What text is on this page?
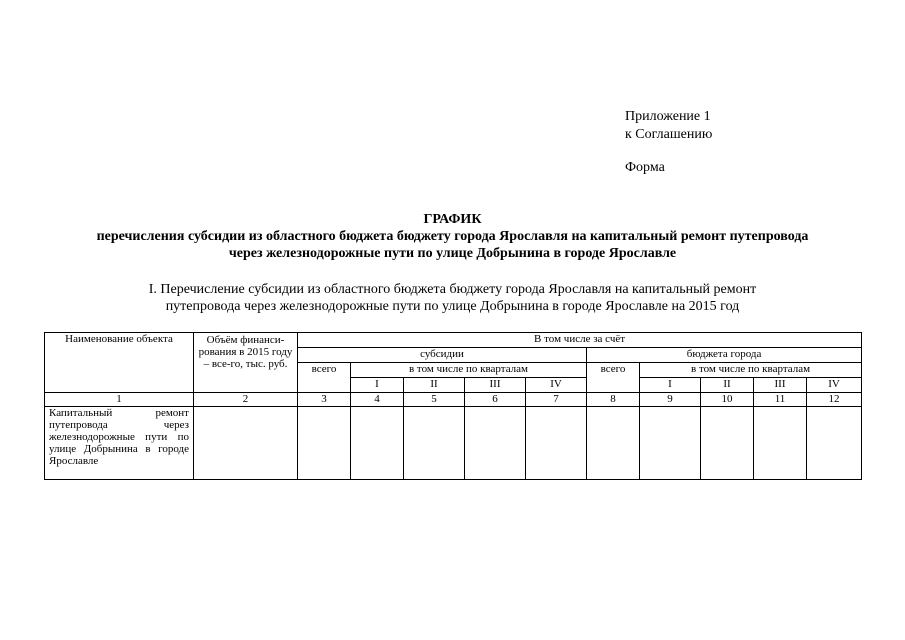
Приложение 1
к Соглашению
Форма
ГРАФИК
перечисления субсидии из областного бюджета бюджету города Ярославля на капитальный ремонт путепровода
через железнодорожные пути по улице Добрынина в городе Ярославле
I. Перечисление субсидии из областного бюджета бюджету города Ярославля на капитальный ремонт
путепровода через железнодорожные пути по улице Добрынина в городе Ярославле на 2015 год
Наименование объекта	Объём финанси-рования в 2015 году – все-го, тыс. руб.	В том числе за счёт									
		субсидии					бюджета города				
		всего	в том числе по кварталам				всего	в том числе по кварталам			
			I	II	III	IV		I	II	III	IV
1	2	3	4	5	6	7	8	9	10	11	12
Капитальный ремонт путепровода через железнодорожные пути по улице Добрынина в городе Ярославле											
